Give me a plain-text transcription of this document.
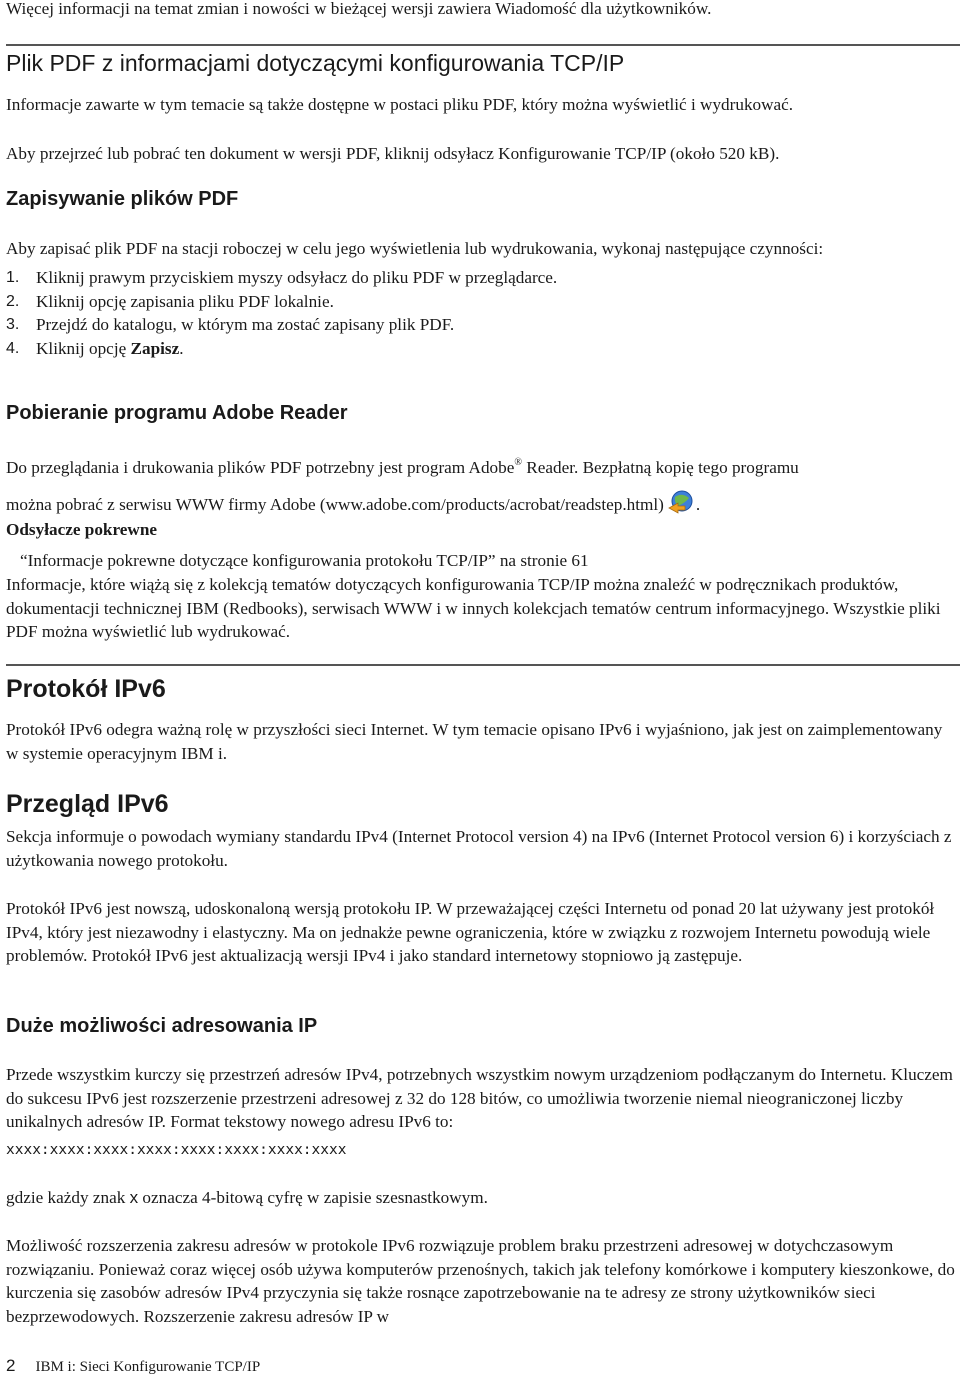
Więcej informacji na temat zmian i nowości w bieżącej wersji zawiera Wiadomość dla użytkowników.

Plik PDF z informacjami dotyczącymi konfigurowania TCP/IP

Informacje zawarte w tym temacie są także dostępne w postaci pliku PDF, który można wyświetlić i wydrukować.

Aby przejrzeć lub pobrać ten dokument w wersji PDF, kliknij odsyłacz Konfigurowanie TCP/IP (około 520 kB).

Zapisywanie plików PDF

Aby zapisać plik PDF na stacji roboczej w celu jego wyświetlenia lub wydrukowania, wykonaj następujące czynności:

1. Kliknij prawym przyciskiem myszy odsyłacz do pliku PDF w przeglądarce.
2. Kliknij opcję zapisania pliku PDF lokalnie.
3. Przejdź do katalogu, w którym ma zostać zapisany plik PDF.
4. Kliknij opcję Zapisz.
Pobieranie programu Adobe Reader

Do przeglądania i drukowania plików PDF potrzebny jest program Adobe® Reader. Bezpłatną kopię tego programu

można pobrać z serwisu WWW firmy Adobe (www.adobe.com/products/acrobat/readstep.html) .

Odsyłacze pokrewne

“Informacje pokrewne dotyczące konfigurowania protokołu TCP/IP” na stronie 61

Informacje, które wiążą się z kolekcją tematów dotyczących konfigurowania TCP/IP można znaleźć w podręcznikach produktów, dokumentacji technicznej IBM (Redbooks), serwisach WWW i w innych kolekcjach tematów centrum informacyjnego. Wszystkie pliki PDF można wyświetlić lub wydrukować.

Protokół IPv6

Protokół IPv6 odegra ważną rolę w przyszłości sieci Internet. W tym temacie opisano IPv6 i wyjaśniono, jak jest on zaimplementowany w systemie operacyjnym IBM i.

Przegląd IPv6

Sekcja informuje o powodach wymiany standardu IPv4 (Internet Protocol version 4) na IPv6 (Internet Protocol version 6) i korzyściach z użytkowania nowego protokołu.

Protokół IPv6 jest nowszą, udoskonaloną wersją protokołu IP. W przeważającej części Internetu od ponad 20 lat używany jest protokół IPv4, który jest niezawodny i elastyczny. Ma on jednakże pewne ograniczenia, które w związku z rozwojem Internetu powodują wiele problemów. Protokół IPv6 jest aktualizacją wersji IPv4 i jako standard internetowy stopniowo ją zastępuje.

Duże możliwości adresowania IP

Przede wszystkim kurczy się przestrzeń adresów IPv4, potrzebnych wszystkim nowym urządzeniom podłączanym do Internetu. Kluczem do sukcesu IPv6 jest rozszerzenie przestrzeni adresowej z 32 do 128 bitów, co umożliwia tworzenie niemal nieograniczonej liczby unikalnych adresów IP. Format tekstowy nowego adresu IPv6 to:

xxxx:xxxx:xxxx:xxxx:xxxx:xxxx:xxxx:xxxx

gdzie każdy znak x oznacza 4-bitową cyfrę w zapisie szesnastkowym.

Możliwość rozszerzenia zakresu adresów w protokole IPv6 rozwiązuje problem braku przestrzeni adresowej w dotychczasowym rozwiązaniu. Ponieważ coraz więcej osób używa komputerów przenośnych, takich jak telefony komórkowe i komputery kieszonkowe, do kurczenia się zasobów adresów IPv4 przyczynia się także rosnące zapotrzebowanie na te adresy ze strony użytkowników sieci bezprzewodowych. Rozszerzenie zakresu adresów IP w

2 IBM i: Sieci Konfigurowanie TCP/IP
